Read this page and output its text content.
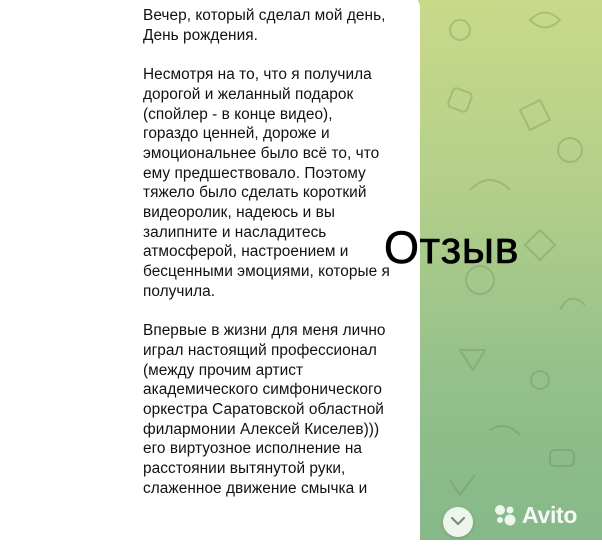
Вечер, который сделал мой день,
День рождения.

Несмотря на то, что я получила
дорогой и желанный подарок
(спойлер - в конце видео),
гораздо ценней, дороже и
эмоциональнее было всё то, что
ему предшествовало. Поэтому
тяжело было сделать короткий
видеоролик, надеюсь и вы
залипните и насладитесь
атмосферой, настроением и
бесценными эмоциями, которые я
получила.

Впервые в жизни для меня лично
играл настоящий профессионал
(между прочим артист
академического симфонического
оркестра Саратовской областной
филармонии Алексей Киселев)))
его виртуозное исполнение на
расстоянии вытянутой руки,
слаженное движение смычка и
Отзыв
Avito
